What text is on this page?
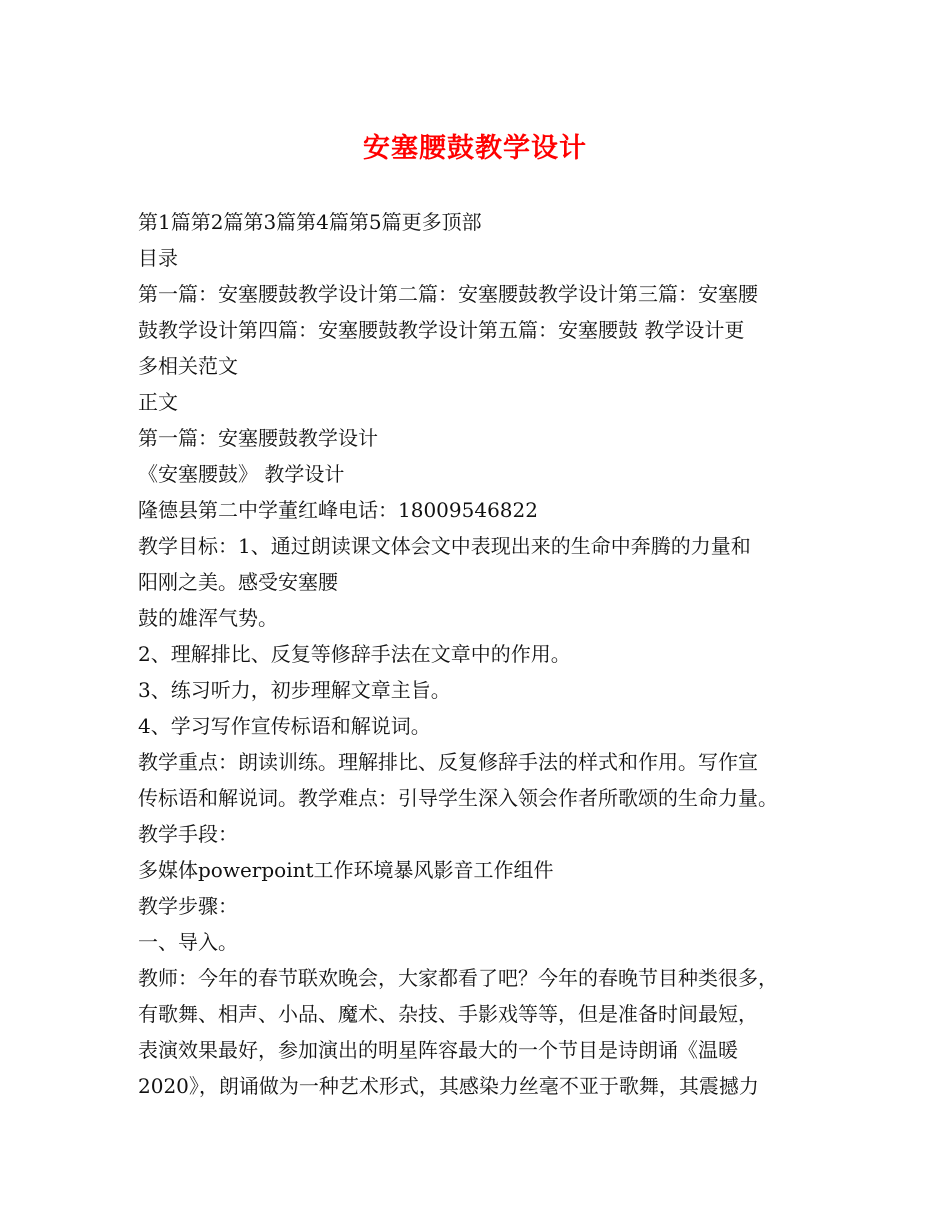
安塞腰鼓教学设计
第1篇第2篇第3篇第4篇第5篇更多顶部
目录
第一篇：安塞腰鼓教学设计第二篇：安塞腰鼓教学设计第三篇：安塞腰
鼓教学设计第四篇：安塞腰鼓教学设计第五篇：安塞腰鼓 教学设计更
多相关范文
正文
第一篇：安塞腰鼓教学设计
《安塞腰鼓》 教学设计
隆德县第二中学董红峰电话：18009546822
教学目标：1、通过朗读课文体会文中表现出来的生命中奔腾的力量和
阳刚之美。感受安塞腰
鼓的雄浑气势。
2、理解排比、反复等修辞手法在文章中的作用。
3、练习听力，初步理解文章主旨。
4、学习写作宣传标语和解说词。
教学重点：朗读训练。理解排比、反复修辞手法的样式和作用。写作宣
传标语和解说词。教学难点：引导学生深入领会作者所歌颂的生命力量。
教学手段：
多媒体powerpoint工作环境暴风影音工作组件
教学步骤：
一、导入。
教师：今年的春节联欢晚会，大家都看了吧？今年的春晚节目种类很多，
有歌舞、相声、小品、魔术、杂技、手影戏等等，但是准备时间最短，
表演效果最好，参加演出的明星阵容最大的一个节目是诗朗诵《温暖
2020》，朗诵做为一种艺术形式，其感染力丝毫不亚于歌舞，其震撼力
